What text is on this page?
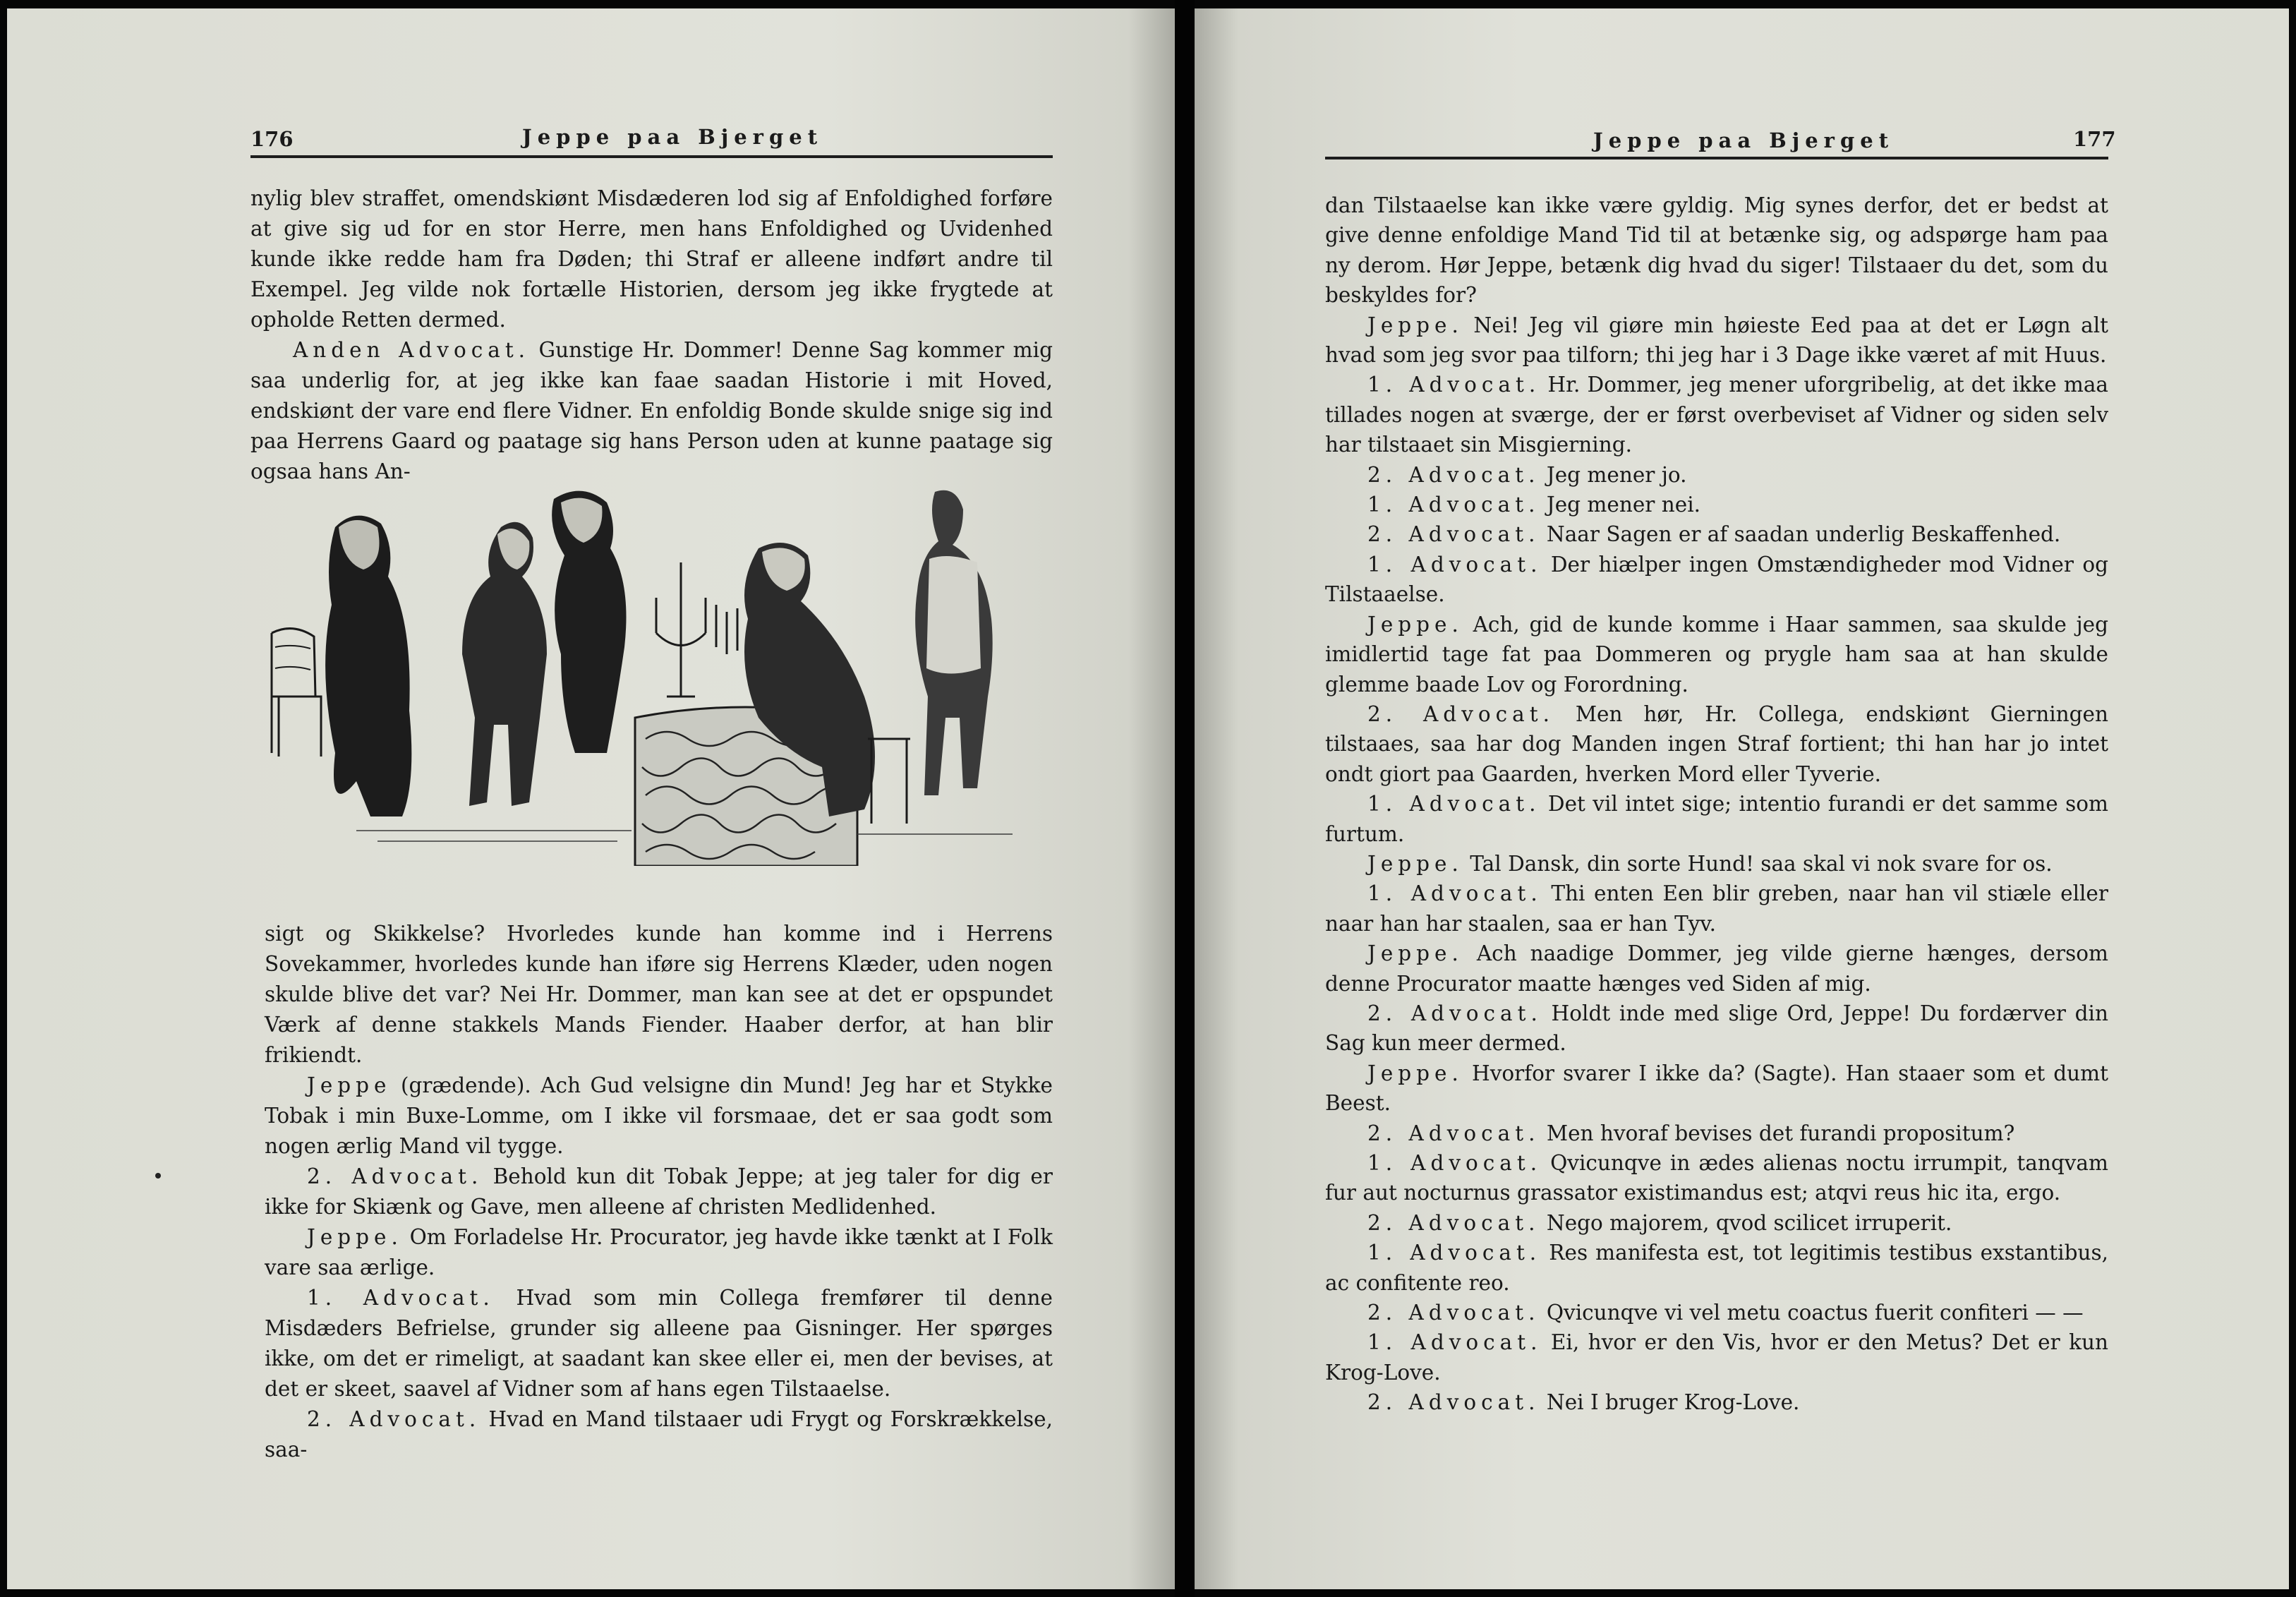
176	Jeppe paa Bjerget

nylig blev straffet, omendskiønt Misdæderen lod sig af Enfoldighed forføre at give sig ud for en stor Herre, men hans Enfoldighed og Uvidenhed kunde ikke redde ham fra Døden; thi Straf er alleene indført andre til Exempel. Jeg vilde nok fortælle Historien, dersom jeg ikke frygtede at opholde Retten dermed.

Anden Advocat. Gunstige Hr. Dommer! Denne Sag kommer mig saa underlig for, at jeg ikke kan faae saadan Historie i mit Hoved, endskiønt der vare end flere Vidner. En enfoldig Bonde skulde snige sig ind paa Herrens Gaard og paatage sig hans Person uden at kunne paatage sig ogsaa hans An-

sigt og Skikkelse? Hvorledes kunde han komme ind i Herrens Sovekammer, hvorledes kunde han iføre sig Herrens Klæder, uden nogen skulde blive det var? Nei Hr. Dommer, man kan see at det er opspundet Værk af denne stakkels Mands Fiender. Haaber derfor, at han blir frikiendt.

Jeppe (grædende). Ach Gud velsigne din Mund! Jeg har et Stykke Tobak i min Buxe-Lomme, om I ikke vil forsmaae, det er saa godt som nogen ærlig Mand vil tygge.

2. Advocat. Behold kun dit Tobak Jeppe; at jeg taler for dig er ikke for Skiænk og Gave, men alleene af christen Medlidenhed.

Jeppe. Om Forladelse Hr. Procurator, jeg havde ikke tænkt at I Folk vare saa ærlige.

1. Advocat. Hvad som min Collega fremfører til denne Misdæders Befrielse, grunder sig alleene paa Gisninger. Her spørges ikke, om det er rimeligt, at saadant kan skee eller ei, men der bevises, at det er skeet, saavel af Vidner som af hans egen Tilstaaelse.

2. Advocat. Hvad en Mand tilstaaer udi Frygt og Forskrækkelse, saa-

Jeppe paa Bjerget	177

dan Tilstaaelse kan ikke være gyldig. Mig synes derfor, det er bedst at give denne enfoldige Mand Tid til at betænke sig, og adspørge ham paa ny derom. Hør Jeppe, betænk dig hvad du siger! Tilstaaer du det, som du beskyldes for?

Jeppe. Nei! Jeg vil giøre min høieste Eed paa at det er Løgn alt hvad som jeg svor paa tilforn; thi jeg har i 3 Dage ikke været af mit Huus.

1. Advocat. Hr. Dommer, jeg mener uforgribelig, at det ikke maa tillades nogen at sværge, der er først overbeviset af Vidner og siden selv har tilstaaet sin Misgierning.

2. Advocat. Jeg mener jo.

1. Advocat. Jeg mener nei.

2. Advocat. Naar Sagen er af saadan underlig Beskaffenhed.

1. Advocat. Der hiælper ingen Omstændigheder mod Vidner og Tilstaaelse.

Jeppe. Ach, gid de kunde komme i Haar sammen, saa skulde jeg imidlertid tage fat paa Dommeren og prygle ham saa at han skulde glemme baade Lov og Forordning.

2. Advocat. Men hør, Hr. Collega, endskiønt Gierningen tilstaaes, saa har dog Manden ingen Straf fortient; thi han har jo intet ondt giort paa Gaarden, hverken Mord eller Tyverie.

1. Advocat. Det vil intet sige; intentio furandi er det samme som furtum.

Jeppe. Tal Dansk, din sorte Hund! saa skal vi nok svare for os.

1. Advocat. Thi enten Een blir greben, naar han vil stiæle eller naar han har staalen, saa er han Tyv.

Jeppe. Ach naadige Dommer, jeg vilde gierne hænges, dersom denne Procurator maatte hænges ved Siden af mig.

2. Advocat. Holdt inde med slige Ord, Jeppe! Du fordærver din Sag kun meer dermed.

Jeppe. Hvorfor svarer I ikke da? (Sagte). Han staaer som et dumt Beest.

2. Advocat. Men hvoraf bevises det furandi propositum?

1. Advocat. Qvicunqve in ædes alienas noctu irrumpit, tanqvam fur aut nocturnus grassator existimandus est; atqvi reus hic ita, ergo.

2. Advocat. Nego majorem, qvod scilicet irruperit.

1. Advocat. Res manifesta est, tot legitimis testibus exstantibus, ac confitente reo.

2. Advocat. Qvicunqve vi vel metu coactus fuerit confiteri — —

1. Advocat. Ei, hvor er den Vis, hvor er den Metus? Det er kun Krog-Love.

2. Advocat. Nei I bruger Krog-Love.
